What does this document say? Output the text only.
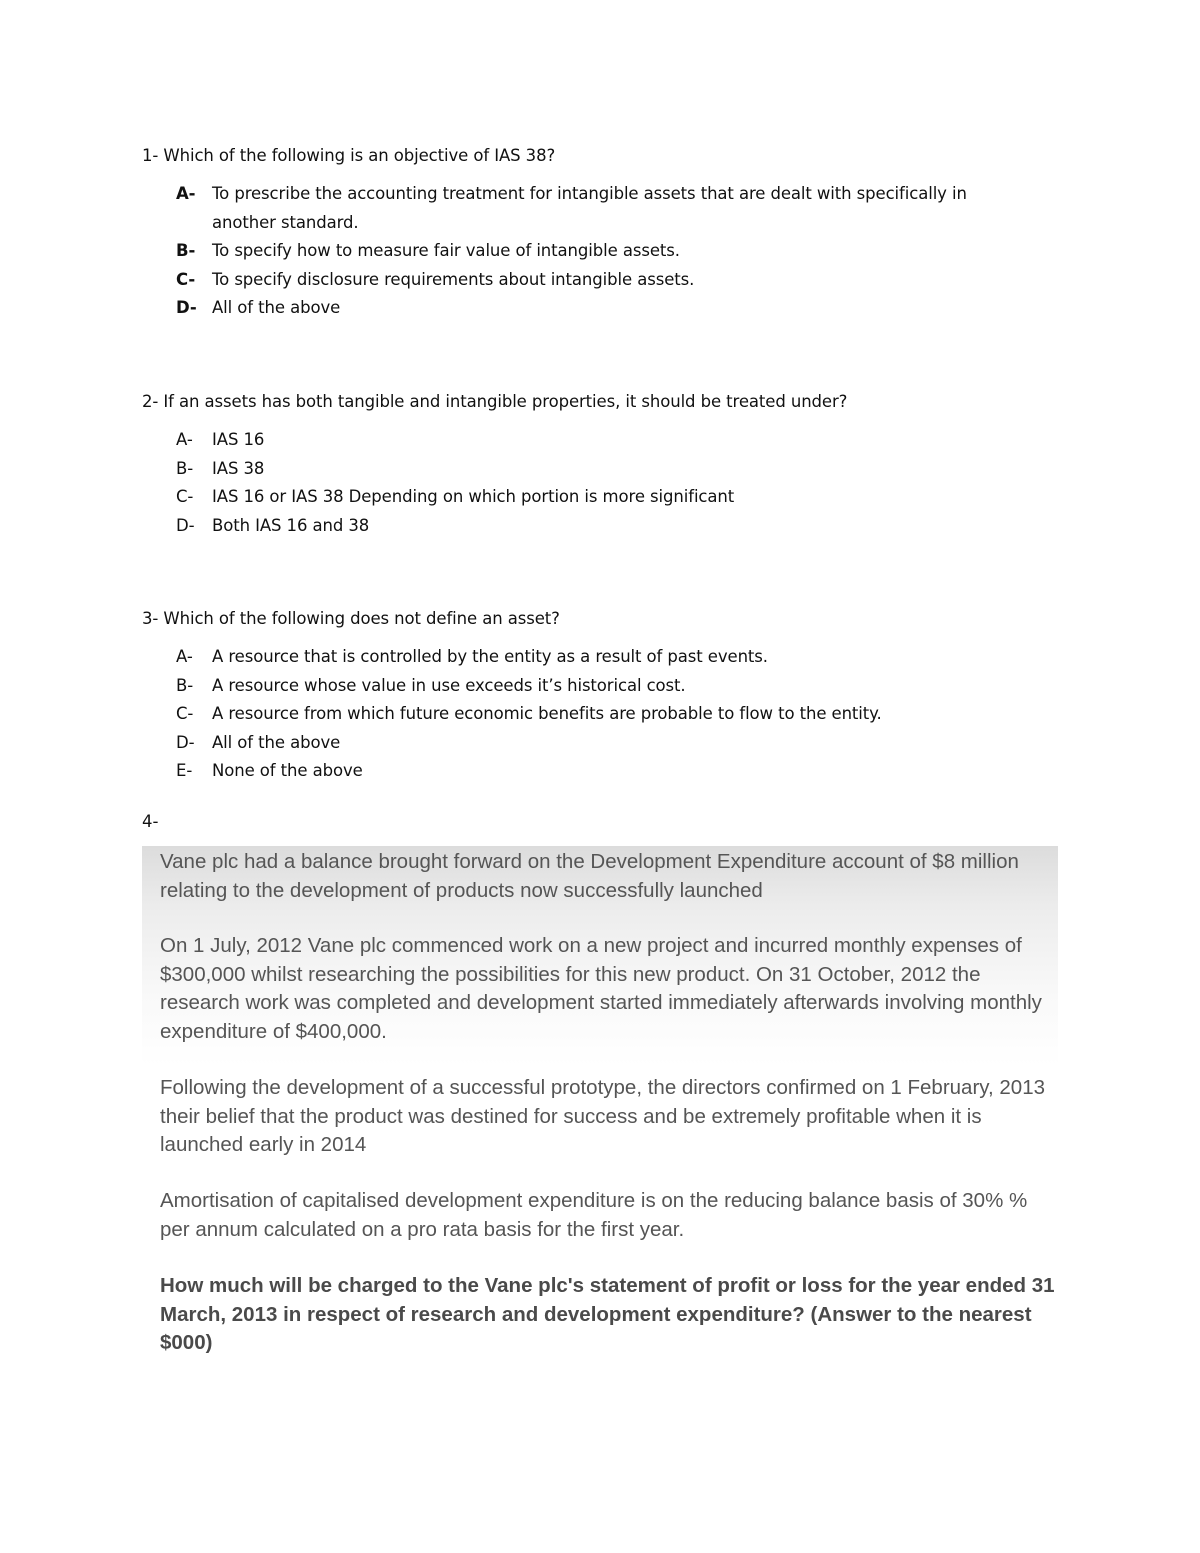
1- Which of the following is an objective of IAS 38?

A-	To prescribe the accounting treatment for intangible assets that are dealt with specifically in another standard.
B-	To specify how to measure fair value of intangible assets.
C-	To specify disclosure requirements about intangible assets.
D- All of the above

2- If an assets has both tangible and intangible properties, it should be treated under?

A-	IAS 16
B-	IAS 38
C-	IAS 16 or IAS 38 Depending on which portion is more significant
D-	Both IAS 16 and 38

3- Which of the following does not define an asset?

A-	A resource that is controlled by the entity as a result of past events.
B-	A resource whose value in use exceeds it’s historical cost.
C-	A resource from which future economic benefits are probable to flow to the entity.
D-	All of the above
E-	None of the above
4-

Vane plc had a balance brought forward on the Development Expenditure account of $8 million relating to the development of products now successfully launched

On 1 July, 2012 Vane plc commenced work on a new project and incurred monthly expenses of $300,000 whilst researching the possibilities for this new product. On 31 October, 2012 the research work was completed and development started immediately afterwards involving monthly expenditure of $400,000.

Following the development of a successful prototype, the directors confirmed on 1 February, 2013 their belief that the product was destined for success and be extremely profitable when it is launched early in 2014

Amortisation of capitalised development expenditure is on the reducing balance basis of 30% % per annum calculated on a pro rata basis for the first year.

How much will be charged to the Vane plc's statement of profit or loss for the year ended 31 March, 2013 in respect of research and development expenditure? (Answer to the nearest $000)
